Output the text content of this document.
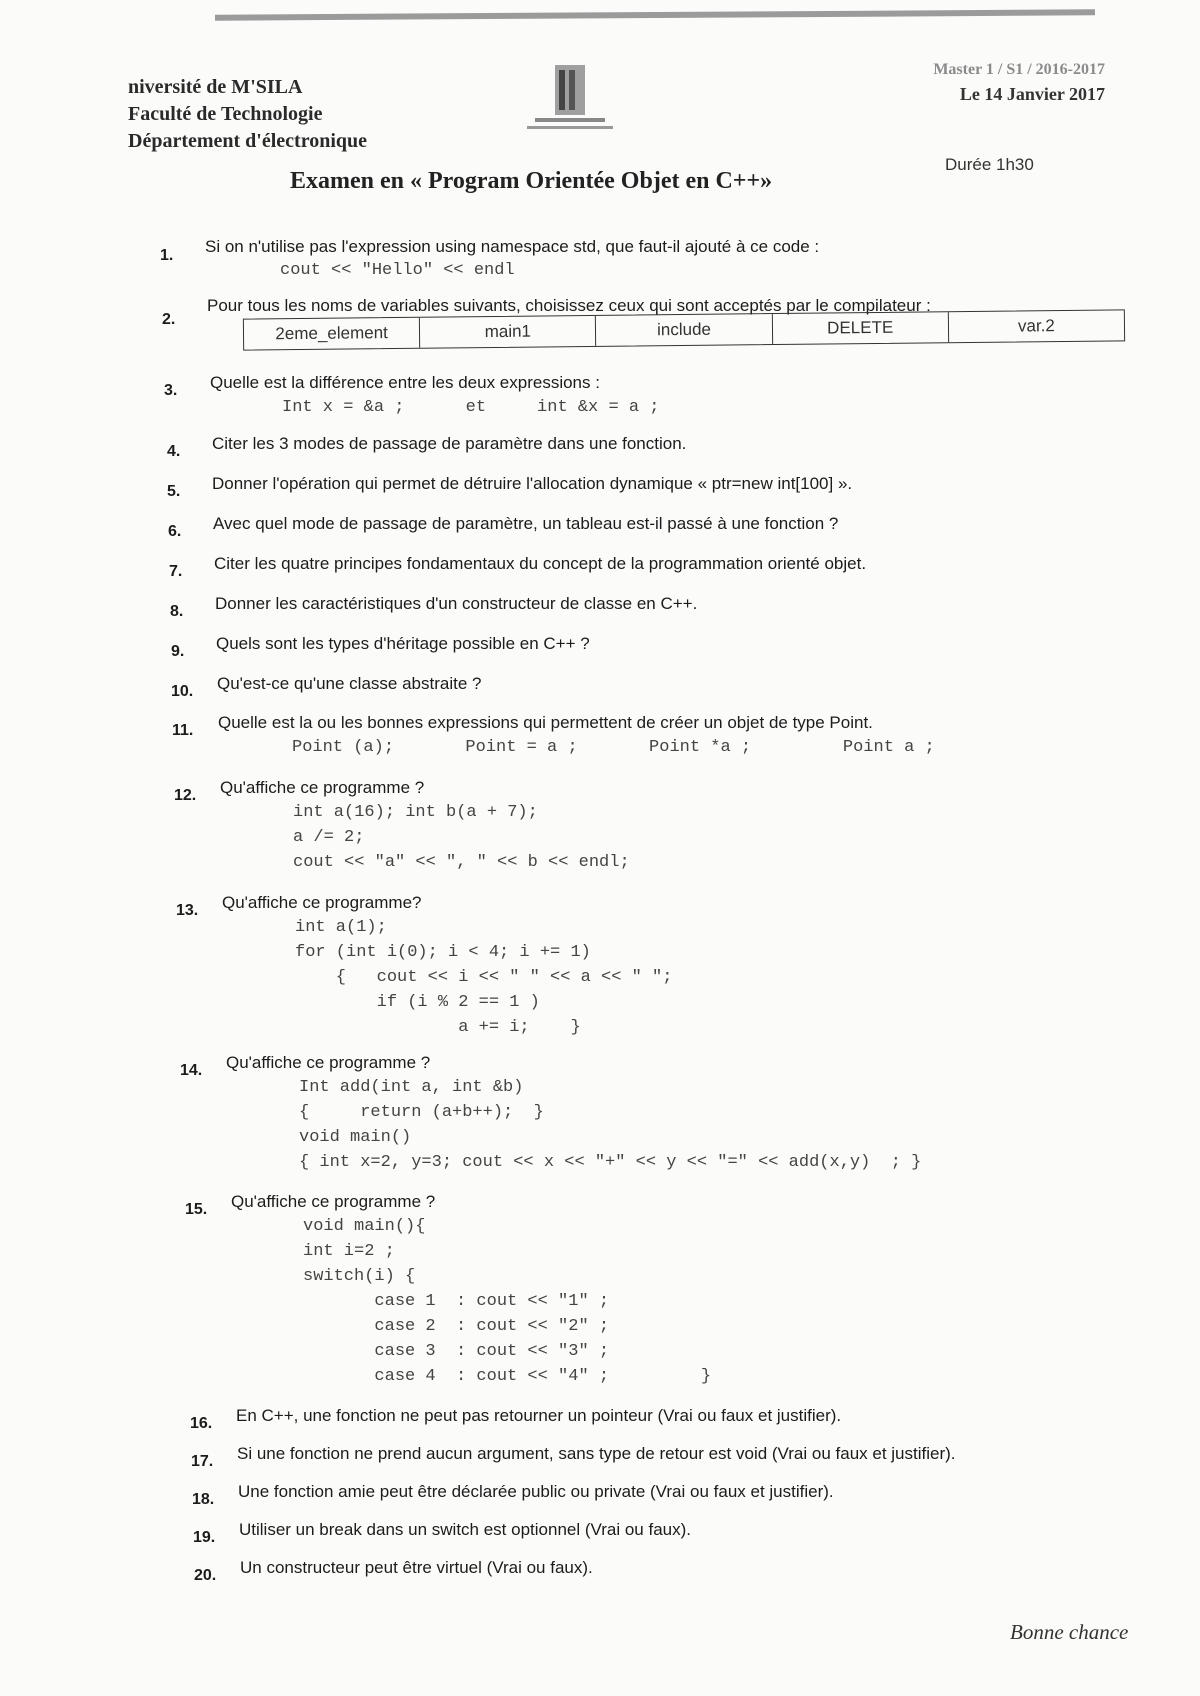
niversité de M'SILA
Faculté de Technologie
Département d'électronique
Master 1 / S1 / 2016-2017
Le 14 Janvier 2017
Examen en « Program Orientée Objet en C++»
Durée 1h30
1. Si on n'utilise pas l'expression using namespace std, que faut-il ajouté à ce code :
cout << "Hello" << endl
2.
Pour tous les noms de variables suivants, choisissez ceux qui sont acceptés par le compilateur :
2eme_element	main1	include	DELETE	var.2
3. Quelle est la différence entre les deux expressions :
Int x = &a ;      et     int &x = a ;
4. Citer les 3 modes de passage de paramètre dans une fonction.
5. Donner l'opération qui permet de détruire l'allocation dynamique « ptr=new int[100] ».
6. Avec quel mode de passage de paramètre, un tableau est-il passé à une fonction ?
7. Citer les quatre principes fondamentaux du concept de la programmation orienté objet.
8. Donner les caractéristiques d'un constructeur de classe en C++.
9. Quels sont les types d'héritage possible en C++ ?
10. Qu'est-ce qu'une classe abstraite ?
11. Quelle est la ou les bonnes expressions qui permettent de créer un objet de type Point.
Point (a);       Point = a ;       Point *a ;         Point a ;
12. Qu'affiche ce programme ?
int a(16); int b(a + 7);
a /= 2;
cout << "a" << ", " << b << endl;
13. Qu'affiche ce programme?
int a(1);
for (int i(0); i < 4; i += 1)
{   cout << i << " " << a << " ";
if (i % 2 == 1 )
a += i;    }
14. Qu'affiche ce programme ?
Int add(int a, int &b)
{     return (a+b++);  }
void main()
{ int x=2, y=3; cout << x << "+" << y << "=" << add(x,y)  ; }
15. Qu'affiche ce programme ?
void main(){
int i=2 ;
switch(i) {
case 1  : cout << "1" ;
case 2  : cout << "2" ;
case 3  : cout << "3" ;
case 4  : cout << "4" ;         }
16. En C++, une fonction ne peut pas retourner un pointeur (Vrai ou faux et justifier).
17. Si une fonction ne prend aucun argument, sans type de retour est void (Vrai ou faux et justifier).
18. Une fonction amie peut être déclarée public ou private (Vrai ou faux et justifier).
19. Utiliser un break dans un switch est optionnel (Vrai ou faux).
20. Un constructeur peut être virtuel (Vrai ou faux).
Bonne chance
